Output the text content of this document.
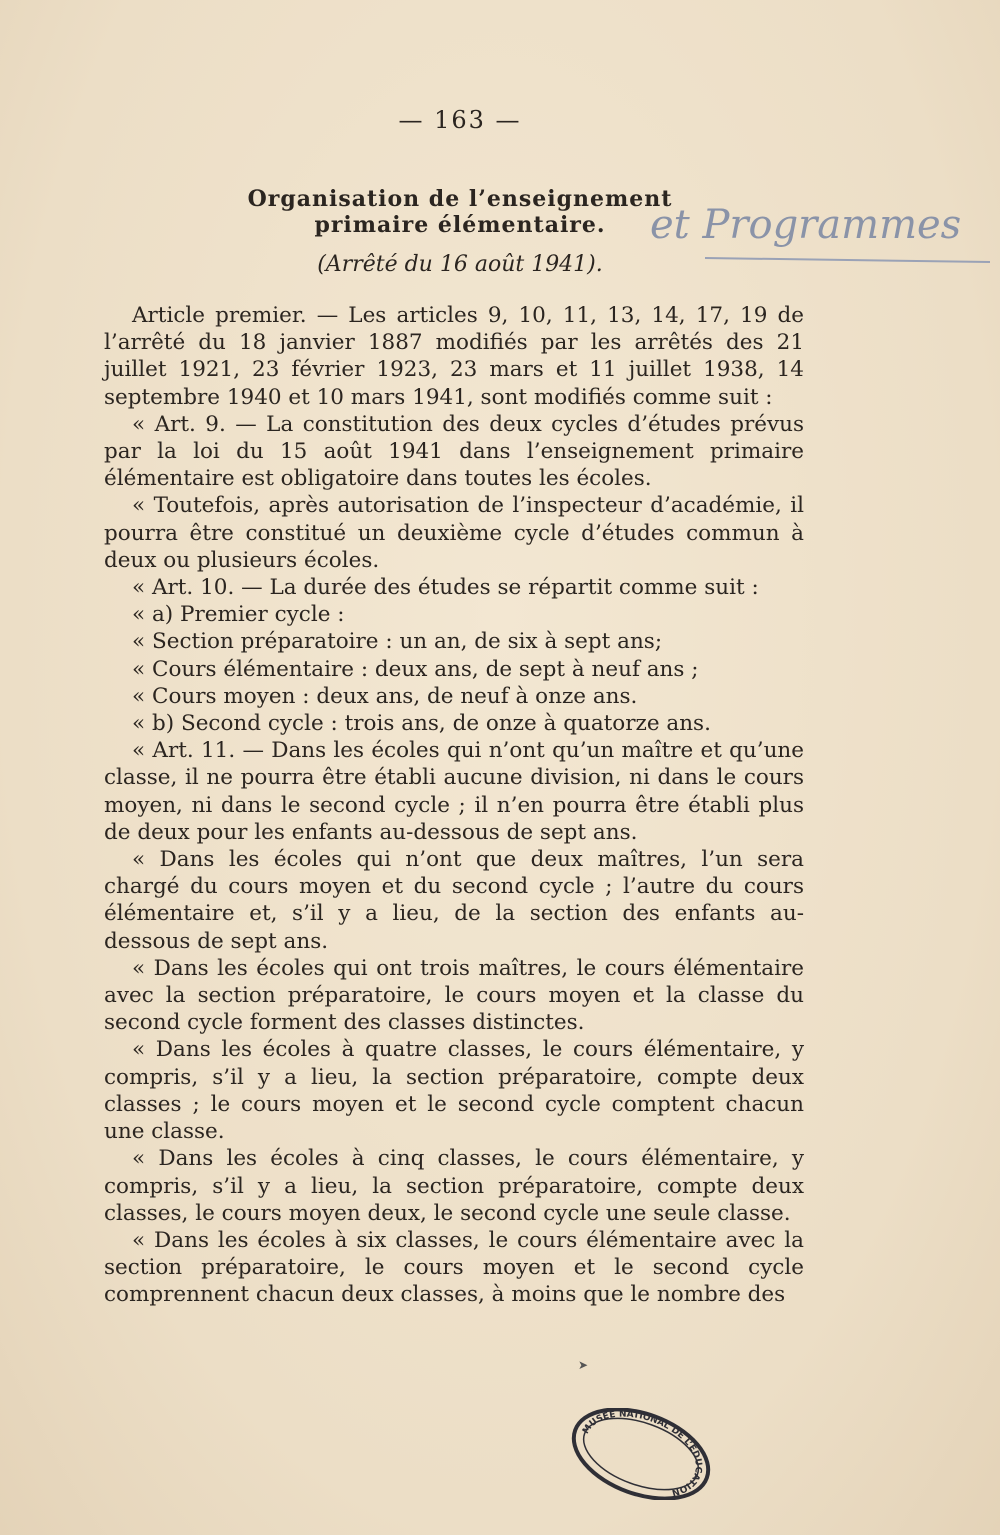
— 163 —
Organisation de l’enseignement
primaire élémentaire.	et Programmes
(Arrêté du 16 août 1941).

Article premier. — Les articles 9, 10, 11, 13, 14, 17, 19 de l’arrêté du 18 janvier 1887 modifiés par les arrêtés des 21 juillet 1921, 23 février 1923, 23 mars et 11 juillet 1938, 14 septembre 1940 et 10 mars 1941, sont modifiés comme suit :

« Art. 9. — La constitution des deux cycles d’études prévus par la loi du 15 août 1941 dans l’enseignement primaire élémentaire est obligatoire dans toutes les écoles.

« Toutefois, après autorisation de l’inspecteur d’académie, il pourra être constitué un deuxième cycle d’études commun à deux ou plusieurs écoles.

« Art. 10. — La durée des études se répartit comme suit :

« a) Premier cycle :

« Section préparatoire : un an, de six à sept ans;

« Cours élémentaire : deux ans, de sept à neuf ans ;

« Cours moyen : deux ans, de neuf à onze ans.

« b) Second cycle : trois ans, de onze à quatorze ans.

« Art. 11. — Dans les écoles qui n’ont qu’un maître et qu’une classe, il ne pourra être établi aucune division, ni dans le cours moyen, ni dans le second cycle ; il n’en pourra être établi plus de deux pour les enfants au-dessous de sept ans.

« Dans les écoles qui n’ont que deux maîtres, l’un sera chargé du cours moyen et du second cycle ; l’autre du cours élémentaire et, s’il y a lieu, de la section des enfants au-dessous de sept ans.

« Dans les écoles qui ont trois maîtres, le cours élémentaire avec la section préparatoire, le cours moyen et la classe du second cycle forment des classes distinctes.

« Dans les écoles à quatre classes, le cours élémentaire, y compris, s’il y a lieu, la section préparatoire, compte deux classes ; le cours moyen et le second cycle comptent chacun une classe.

« Dans les écoles à cinq classes, le cours élémentaire, y compris, s’il y a lieu, la section préparatoire, compte deux classes, le cours moyen deux, le second cycle une seule classe.

« Dans les écoles à six classes, le cours élémentaire avec la section préparatoire, le cours moyen et le second cycle comprennent chacun deux classes, à moins que le nombre des

➤
MUSÉE NATIONAL DE L’ÉDUCATION
